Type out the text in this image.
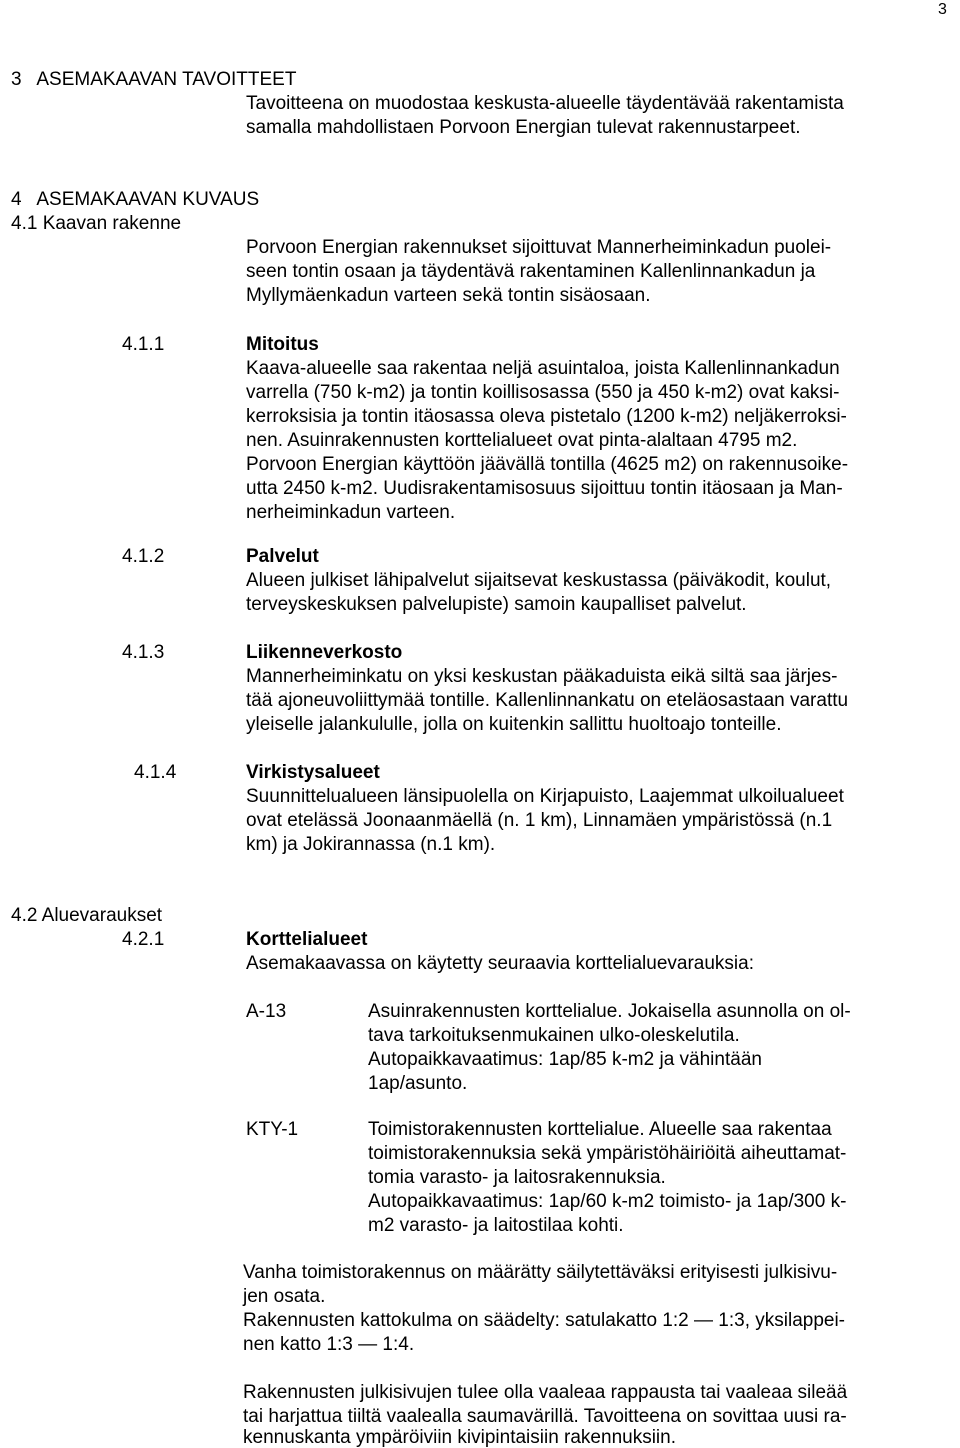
3
3   ASEMAKAAVAN TAVOITTEET
Tavoitteena on muodostaa keskusta-alueelle täydentävää rakentamista
samalla mahdollistaen Porvoon Energian tulevat rakennustarpeet.
4   ASEMAKAAVAN KUVAUS
4.1 Kaavan rakenne
Porvoon Energian rakennukset sijoittuvat Mannerheiminkadun puolei-
seen tontin osaan ja täydentävä rakentaminen Kallenlinnankadun ja
Myllymäenkadun varteen sekä tontin sisäosaan.
4.1.1	Mitoitus
Kaava-alueelle saa rakentaa neljä asuintaloa, joista Kallenlinnankadun
varrella (750 k-m2) ja tontin koillisosassa (550 ja 450 k-m2) ovat kaksi-
kerroksisia ja tontin itäosassa oleva pistetalo (1200 k-m2) neljäkerroksi-
nen. Asuinrakennusten korttelialueet ovat pinta-alaltaan 4795 m2.
Porvoon Energian käyttöön jäävällä tontilla (4625 m2) on rakennusoike-
utta 2450 k-m2. Uudisrakentamisosuus sijoittuu tontin itäosaan ja Man-
nerheiminkadun varteen.
4.1.2	Palvelut
Alueen julkiset lähipalvelut sijaitsevat keskustassa (päiväkodit, koulut,
terveyskeskuksen palvelupiste) samoin kaupalliset palvelut.
4.1.3	Liikenneverkosto
Mannerheiminkatu on yksi keskustan pääkaduista eikä siltä saa järjes-
tää ajoneuvoliittymää tontille. Kallenlinnankatu on eteläosastaan varattu
yleiselle jalankululle, jolla on kuitenkin sallittu huoltoajo tonteille.
4.1.4	Virkistysalueet
Suunnittelualueen länsipuolella on Kirjapuisto, Laajemmat ulkoilualueet
ovat etelässä Joonaanmäellä (n. 1 km), Linnamäen ympäristössä (n.1
km) ja Jokirannassa (n.1 km).
4.2 Aluevaraukset
4.2.1	Korttelialueet
Asemakaavassa on käytetty seuraavia korttelialuevarauksia:
A-13	Asuinrakennusten korttelialue. Jokaisella asunnolla on ol-
tava tarkoituksenmukainen ulko-oleskelutila.
Autopaikkavaatimus: 1ap/85 k-m2 ja vähintään
1ap/asunto.
KTY-1	Toimistorakennusten korttelialue. Alueelle saa rakentaa
toimistorakennuksia sekä ympäristöhäiriöitä aiheuttamat-
tomia varasto- ja laitosrakennuksia.
Autopaikkavaatimus: 1ap/60 k-m2 toimisto- ja 1ap/300 k-
m2 varasto- ja laitostilaa kohti.
Vanha toimistorakennus on määrätty säilytettäväksi erityisesti julkisivu-
jen osata.
Rakennusten kattokulma on säädelty: satulakatto 1:2 — 1:3, yksilappei-
nen katto 1:3 — 1:4.
Rakennusten julkisivujen tulee olla vaaleaa rappausta tai vaaleaa sileää
tai harjattua tiiltä vaalealla saumavärillä. Tavoitteena on sovittaa uusi ra-
kennuskanta ympäröiviin kivipintaisiin rakennuksiin.
